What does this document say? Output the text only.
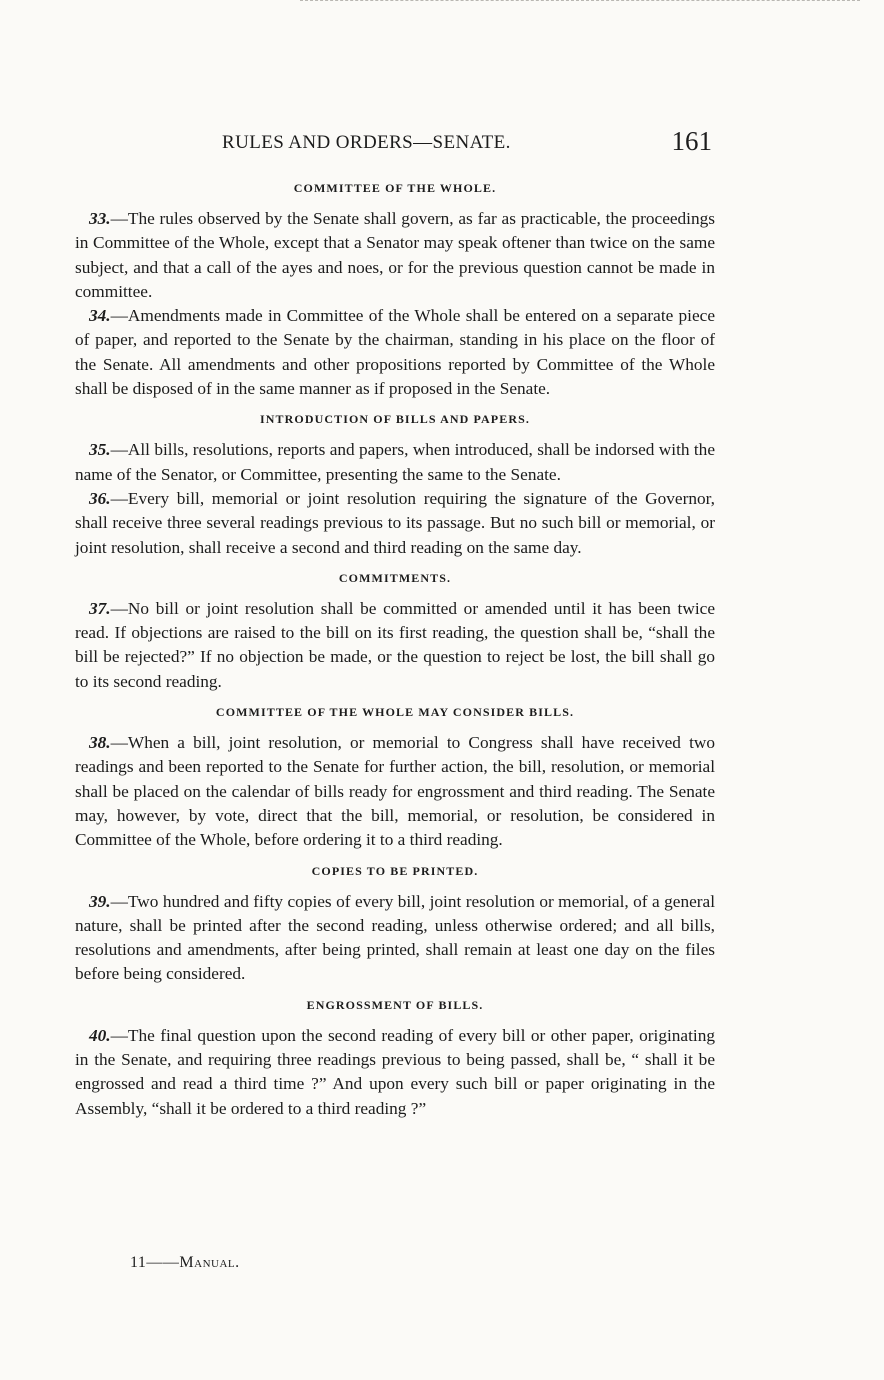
RULES AND ORDERS—SENATE.	161
COMMITTEE OF THE WHOLE.

33.—The rules observed by the Senate shall govern, as far as practicable, the proceedings in Committee of the Whole, except that a Senator may speak oftener than twice on the same subject, and that a call of the ayes and noes, or for the previous question cannot be made in committee.

34.—Amendments made in Committee of the Whole shall be entered on a separate piece of paper, and reported to the Senate by the chairman, standing in his place on the floor of the Senate. All amendments and other propositions reported by Committee of the Whole shall be disposed of in the same manner as if proposed in the Senate.

INTRODUCTION OF BILLS AND PAPERS.

35.—All bills, resolutions, reports and papers, when introduced, shall be indorsed with the name of the Senator, or Committee, presenting the same to the Senate.

36.—Every bill, memorial or joint resolution requiring the signature of the Governor, shall receive three several readings previous to its passage. But no such bill or memorial, or joint resolution, shall receive a second and third reading on the same day.

COMMITMENTS.

37.—No bill or joint resolution shall be committed or amended until it has been twice read. If objections are raised to the bill on its first reading, the question shall be, “shall the bill be rejected?” If no objection be made, or the question to reject be lost, the bill shall go to its second reading.

COMMITTEE OF THE WHOLE MAY CONSIDER BILLS.

38.—When a bill, joint resolution, or memorial to Congress shall have received two readings and been reported to the Senate for further action, the bill, resolution, or memorial shall be placed on the calendar of bills ready for engrossment and third reading. The Senate may, however, by vote, direct that the bill, memorial, or resolution, be considered in Committee of the Whole, before ordering it to a third reading.

COPIES TO BE PRINTED.

39.—Two hundred and fifty copies of every bill, joint resolution or memorial, of a general nature, shall be printed after the second reading, unless otherwise ordered; and all bills, resolutions and amendments, after being printed, shall remain at least one day on the files before being considered.

ENGROSSMENT OF BILLS.

40.—The final question upon the second reading of every bill or other paper, originating in the Senate, and requiring three readings previous to being passed, shall be, “ shall it be engrossed and read a third time ?” And upon every such bill or paper originating in the Assembly, “shall it be ordered to a third reading ?”

11——Manual.
